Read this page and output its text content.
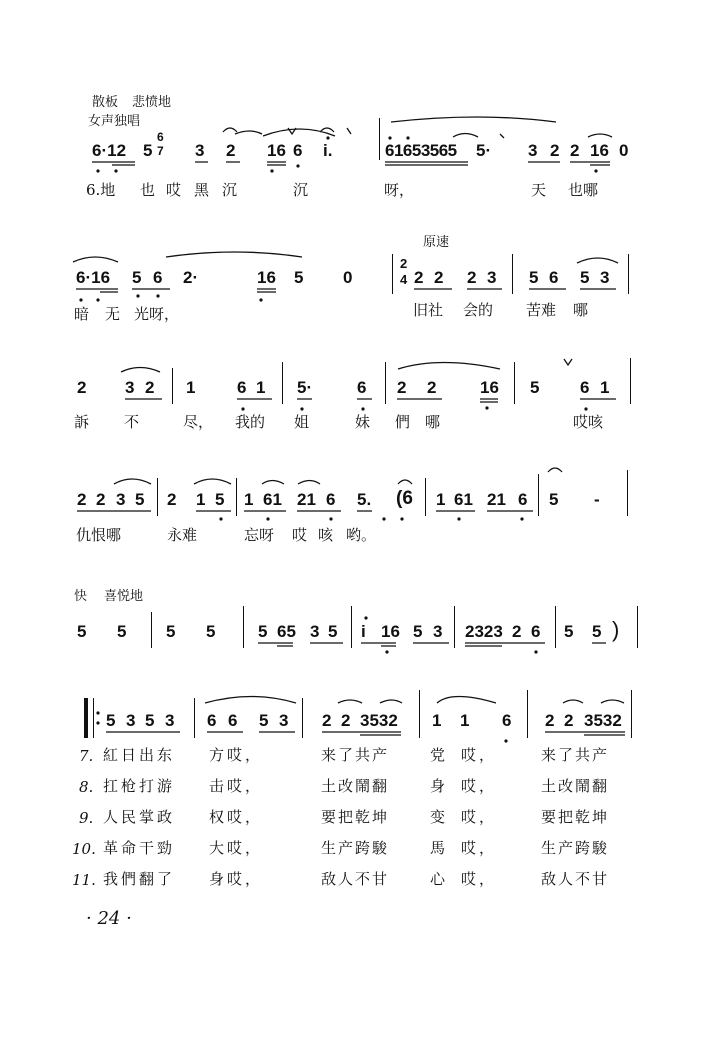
散板 悲愤地
女声独唱
6
7
6·12 5	3 2 16 6 i.	61653565 5· 3 2 2 16 0
6.地 也 哎 黑 沉	沉	呀，	天 也哪
原速
6·16 5 6 2·	16 5 0
2
4 2 2 2 3 5 6 5 3
暗 无 光呀，	旧社 会的 苦难 哪
2 3 2 1 6 1 5·	6 2 2	16 5 6 1
訴 不	尽， 我的 姐	妹 們 哪	哎咳
2 2 3 5 2 1 5 1 61 21 6 5. (6 1 61 21 6 5 -
仇恨哪	永难	忘呀 哎 咳 哟。
快 喜悦地
5 5 5 5	5 65 3 5 i 16 5 3 2323 2 6 5 5 )
5 3 5 3 6 6 5 3 2 2 3532 1 1 6 2 2 3532
7. 紅日出东 方哎，	来了共产	党 哎，	来了共产
8. 扛枪打游 击哎，	土改鬧翻	身 哎，	土改鬧翻
9. 人民掌政 权哎，	要把乾坤	变 哎，	要把乾坤
10. 革命干勁 大哎，	生产跨駿	馬 哎，	生产跨駿
11. 我們翻了 身哎，	敌人不甘	心 哎，	敌人不甘
· 24 ·
